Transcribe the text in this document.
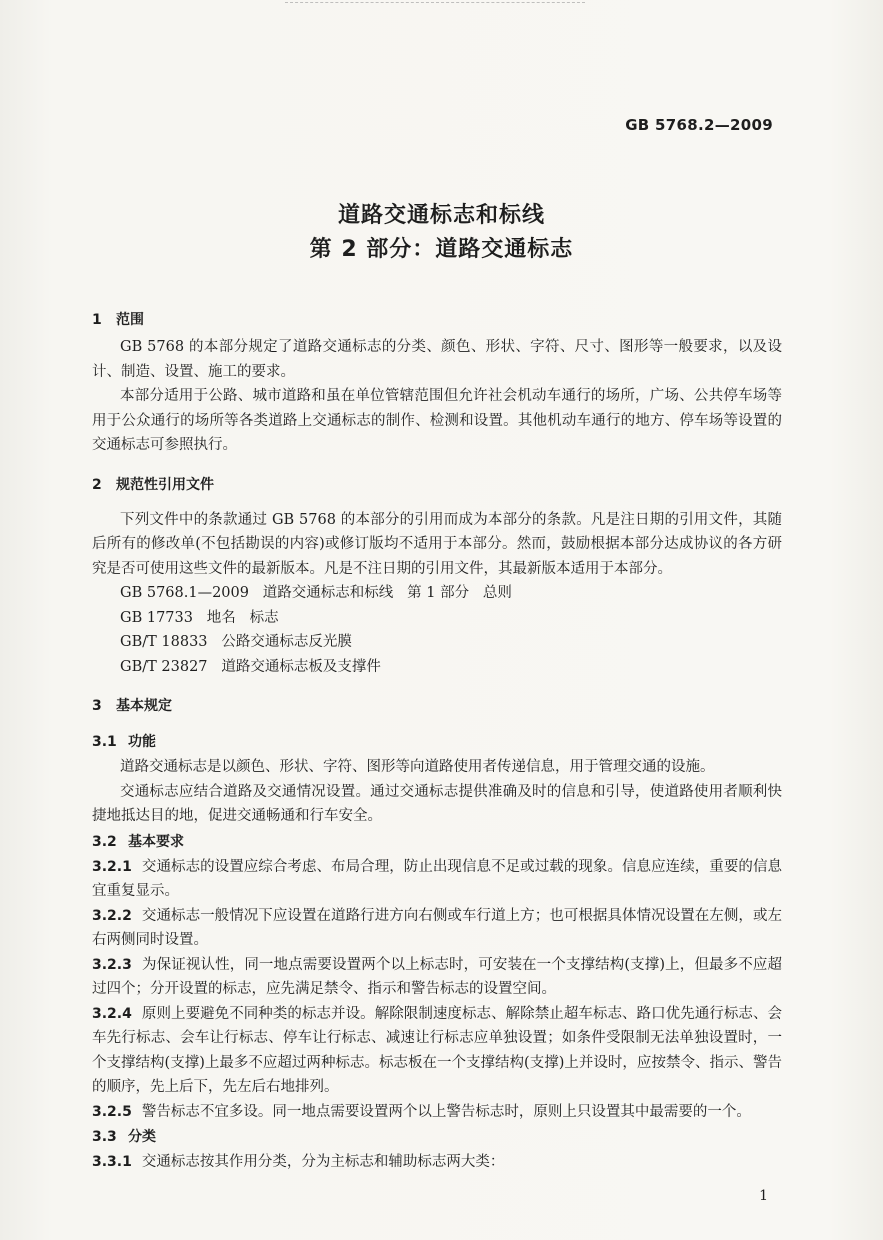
GB 5768.2—2009
道路交通标志和标线
第 2 部分：道路交通标志
1 范围

GB 5768 的本部分规定了道路交通标志的分类、颜色、形状、字符、尺寸、图形等一般要求，以及设计、制造、设置、施工的要求。

本部分适用于公路、城市道路和虽在单位管辖范围但允许社会机动车通行的场所，广场、公共停车场等用于公众通行的场所等各类道路上交通标志的制作、检测和设置。其他机动车通行的地方、停车场等设置的交通标志可参照执行。

2 规范性引用文件

下列文件中的条款通过 GB 5768 的本部分的引用而成为本部分的条款。凡是注日期的引用文件，其随后所有的修改单(不包括勘误的内容)或修订版均不适用于本部分。然而，鼓励根据本部分达成协议的各方研究是否可使用这些文件的最新版本。凡是不注日期的引用文件，其最新版本适用于本部分。

GB 5768.1—2009   道路交通标志和标线   第 1 部分   总则

GB 17733   地名   标志

GB/T 18833   公路交通标志反光膜

GB/T 23827   道路交通标志板及支撑件

3 基本规定
3.1 功能

道路交通标志是以颜色、形状、字符、图形等向道路使用者传递信息，用于管理交通的设施。

交通标志应结合道路及交通情况设置。通过交通标志提供准确及时的信息和引导，使道路使用者顺利快捷地抵达目的地，促进交通畅通和行车安全。

3.2 基本要求

3.2.1 交通标志的设置应综合考虑、布局合理，防止出现信息不足或过载的现象。信息应连续，重要的信息宜重复显示。

3.2.2 交通标志一般情况下应设置在道路行进方向右侧或车行道上方；也可根据具体情况设置在左侧，或左右两侧同时设置。

3.2.3 为保证视认性，同一地点需要设置两个以上标志时，可安装在一个支撑结构(支撑)上，但最多不应超过四个；分开设置的标志，应先满足禁令、指示和警告标志的设置空间。

3.2.4 原则上要避免不同种类的标志并设。解除限制速度标志、解除禁止超车标志、路口优先通行标志、会车先行标志、会车让行标志、停车让行标志、减速让行标志应单独设置；如条件受限制无法单独设置时，一个支撑结构(支撑)上最多不应超过两种标志。标志板在一个支撑结构(支撑)上并设时，应按禁令、指示、警告的顺序，先上后下，先左后右地排列。

3.2.5 警告标志不宜多设。同一地点需要设置两个以上警告标志时，原则上只设置其中最需要的一个。

3.3 分类

3.3.1 交通标志按其作用分类，分为主标志和辅助标志两大类：

1
